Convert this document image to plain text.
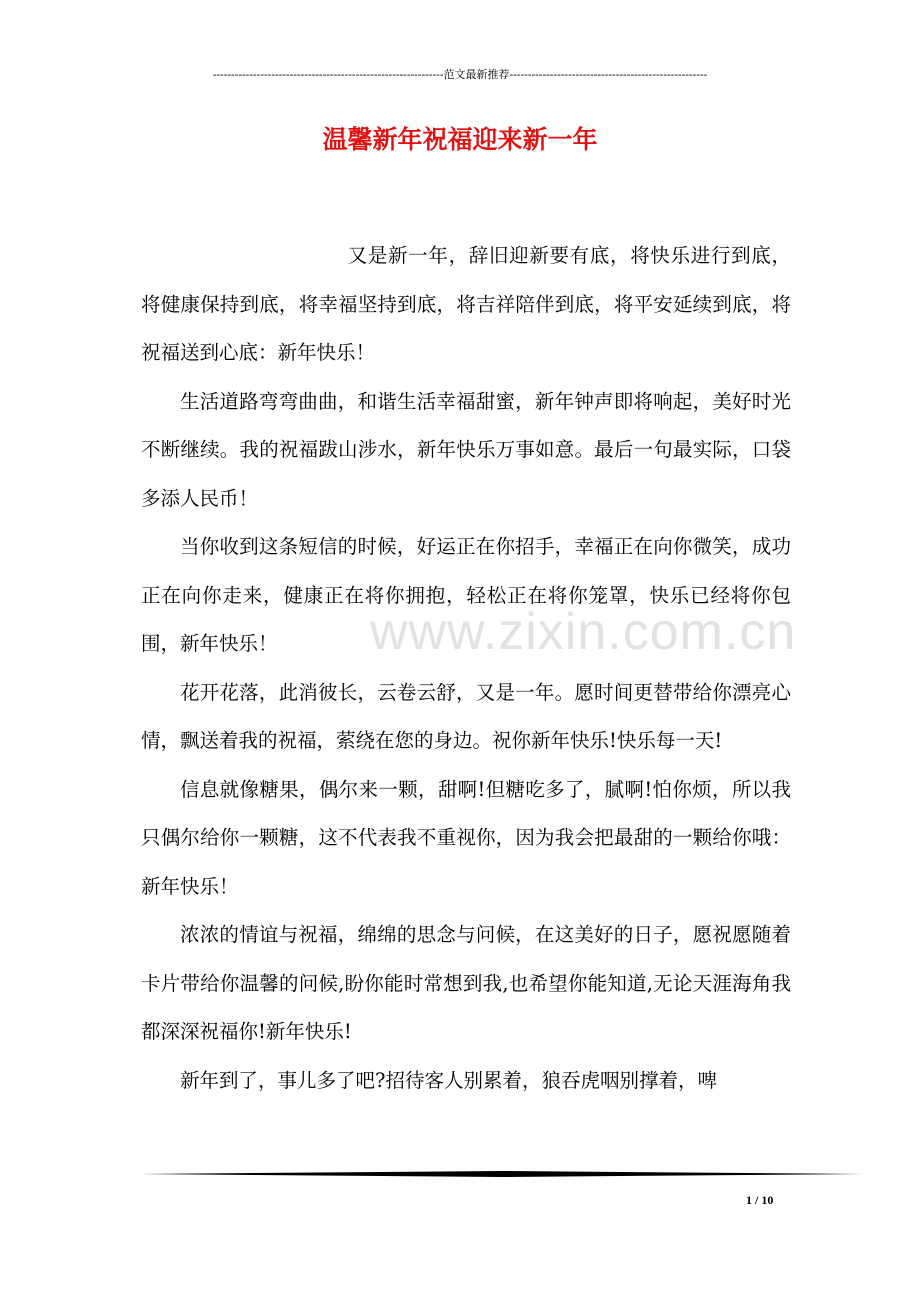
---------------------------------------------------------------范文最新推荐------------------------------------------------------
温馨新年祝福迎来新一年

又是新一年，辞旧迎新要有底，将快乐进行到底，将健康保持到底，将幸福坚持到底，将吉祥陪伴到底，将平安延续到底，将祝福送到心底：新年快乐！

生活道路弯弯曲曲，和谐生活幸福甜蜜，新年钟声即将响起，美好时光不断继续。我的祝福跋山涉水，新年快乐万事如意。最后一句最实际，口袋多添人民币！

当你收到这条短信的时候，好运正在你招手，幸福正在向你微笑，成功正在向你走来，健康正在将你拥抱，轻松正在将你笼罩，快乐已经将你包围，新年快乐！

花开花落，此消彼长，云卷云舒，又是一年。愿时间更替带给你漂亮心情，飘送着我的祝福，萦绕在您的身边。祝你新年快乐!快乐每一天!

信息就像糖果，偶尔来一颗，甜啊!但糖吃多了，腻啊!怕你烦，所以我只偶尔给你一颗糖，这不代表我不重视你，因为我会把最甜的一颗给你哦：新年快乐！

浓浓的情谊与祝福，绵绵的思念与问候，在这美好的日子，愿祝愿随着卡片带给你温馨的问候,盼你能时常想到我,也希望你能知道,无论天涯海角我都深深祝福你!新年快乐!

新年到了，事儿多了吧?招待客人别累着，狼吞虎咽别撑着，啤

www.zixin.com.cn
1 / 10
